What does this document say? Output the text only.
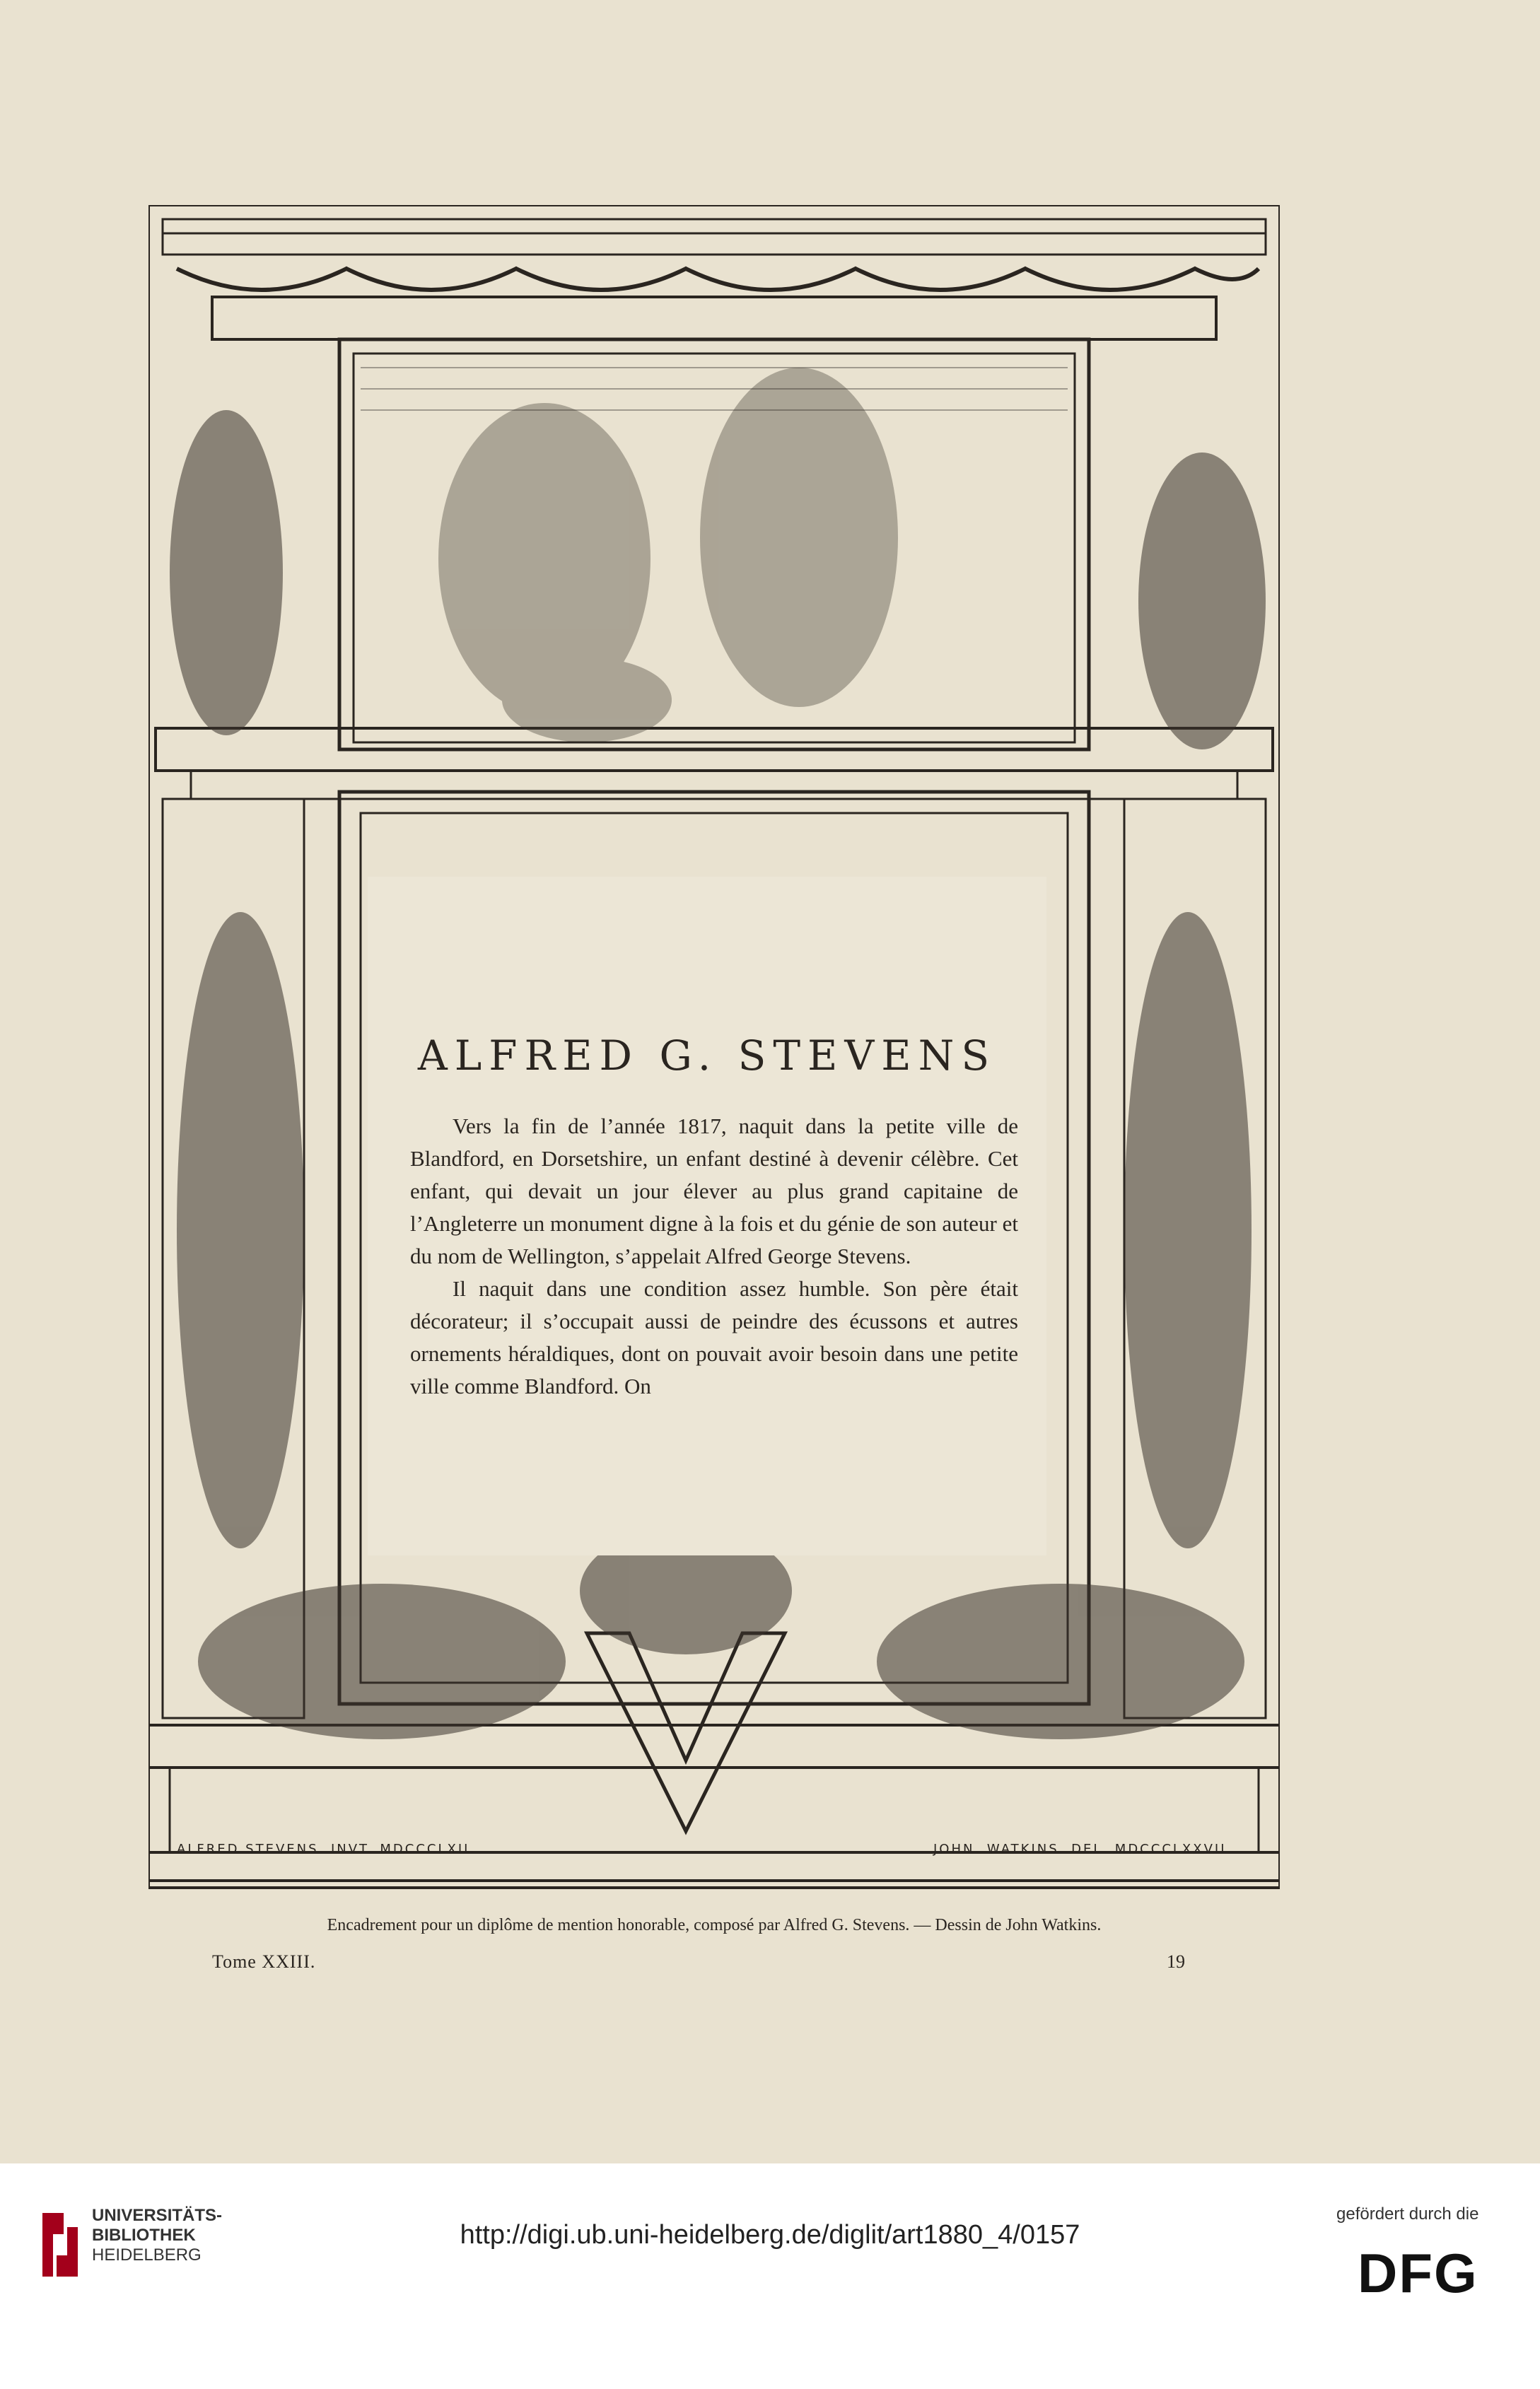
ALFRED G. STEVENS

Vers la fin de l’année 1817, naquit dans la petite ville de Blandford, en Dorsetshire, un enfant destiné à devenir célèbre. Cet enfant, qui devait un jour élever au plus grand capitaine de l’Angleterre un monument digne à la fois et du génie de son auteur et du nom de Wellington, s’appelait Alfred George Stevens.

Il naquit dans une condition assez humble. Son père était décorateur; il s’occupait aussi de peindre des écussons et autres ornements héraldiques, dont on pouvait avoir besoin dans une petite ville comme Blandford. On

ALFRED STEVENS. INVT. MDCCCLXII.	JOHN. WATKINS. DEL. MDCCCLXXVII
Encadrement pour un diplôme de mention honorable, composé par Alfred G. Stevens. — Dessin de John Watkins.
Tome XXIII.	19
UNIVERSITÄTS-
BIBLIOTHEK
HEIDELBERG
http://digi.ub.uni-heidelberg.de/diglit/art1880_4/0157
gefördert durch die
DFG
